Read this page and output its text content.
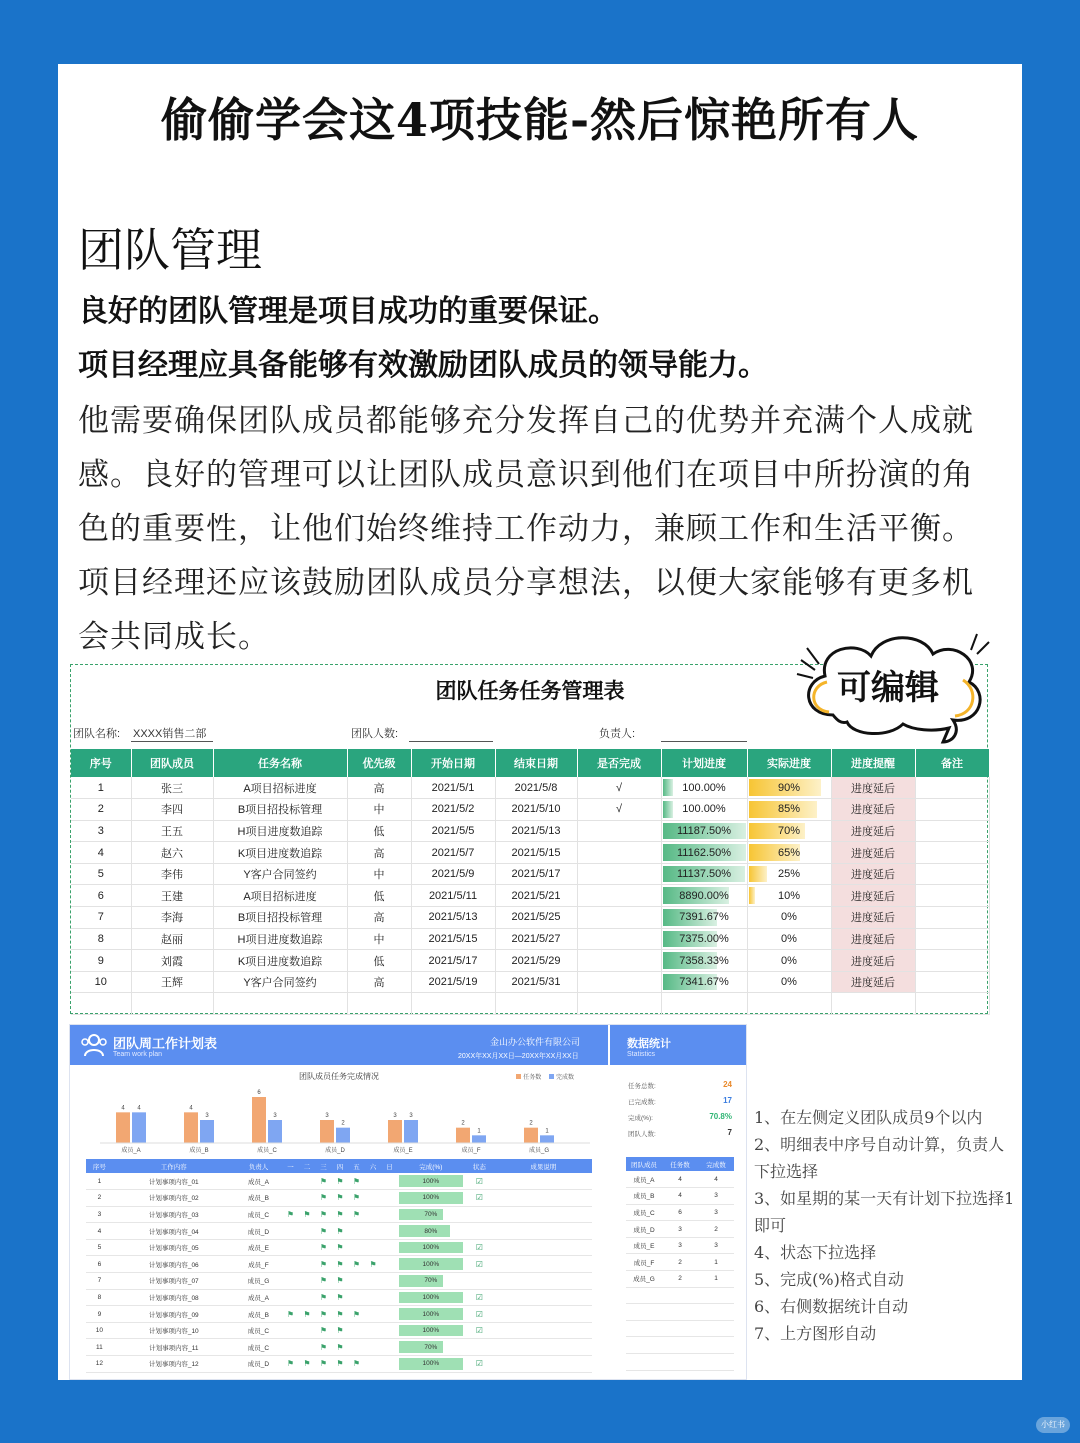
偷偷学会这4项技能-然后惊艳所有人
团队管理
良好的团队管理是项目成功的重要保证。
项目经理应具备能够有效激励团队成员的领导能力。
他需要确保团队成员都能够充分发挥自己的优势并充满个人成就感。良好的管理可以让团队成员意识到他们在项目中所扮演的角色的重要性，让他们始终维持工作动力，兼顾工作和生活平衡。项目经理还应该鼓励团队成员分享想法，以便大家能够有更多机会共同成长。
团队任务任务管理表
团队名称: XXXX销售二部	团队人数:	负责人:
序号	团队成员	任务名称	优先级	开始日期	结束日期	是否完成	计划进度	实际进度	进度提醒	备注
1	张三	A项目招标进度	高	2021/5/1	2021/5/8	√	100.00%	90%	进度延后	
2	李四	B项目招投标管理	中	2021/5/2	2021/5/10	√	100.00%	85%	进度延后	
3	王五	H项目进度数追踪	低	2021/5/5	2021/5/13		11187.50%	70%	进度延后	
4	赵六	K项目进度数追踪	高	2021/5/7	2021/5/15		11162.50%	65%	进度延后	
5	李伟	Y客户合同签约	中	2021/5/9	2021/5/17		11137.50%	25%	进度延后	
6	王建	A项目招标进度	低	2021/5/11	2021/5/21		8890.00%	10%	进度延后	
7	李海	B项目招投标管理	高	2021/5/13	2021/5/25		7391.67%	0%	进度延后	
8	赵丽	H项目进度数追踪	中	2021/5/15	2021/5/27		7375.00%	0%	进度延后	
9	刘霞	K项目进度数追踪	低	2021/5/17	2021/5/29		7358.33%	0%	进度延后	
10	王辉	Y客户合同签约	高	2021/5/19	2021/5/31		7341.67%	0%	进度延后	

可编辑
团队周工作计划表
Team work plan
金山办公软件有限公司
20XX年XX月XX日—20XX年XX月XX日
数据统计
Statistics
团队成员任务完成情况	任务数 完成数
4 4
成员_A
4
3
成员_B
6
3
成员_C
3
2
成员_D
3 3
成员_E
2
1
成员_F
2
1
成员_G
序号	工作内容	负责人	一	二	三	四	五	六	日	完成(%)	状态	成果说明
1	计划事项内容_01	成员_A			⚑	⚑	⚑			100%	☑	
2	计划事项内容_02	成员_B			⚑	⚑	⚑			100%	☑	
3	计划事项内容_03	成员_C	⚑	⚑	⚑	⚑	⚑			70%		
4	计划事项内容_04	成员_D			⚑	⚑				80%		
5	计划事项内容_05	成员_E			⚑	⚑				100%	☑	
6	计划事项内容_06	成员_F			⚑	⚑	⚑	⚑		100%	☑	
7	计划事项内容_07	成员_G			⚑	⚑				70%		
8	计划事项内容_08	成员_A			⚑	⚑				100%	☑	
9	计划事项内容_09	成员_B	⚑	⚑	⚑	⚑	⚑			100%	☑	
10	计划事项内容_10	成员_C			⚑	⚑				100%	☑	
11	计划事项内容_11	成员_C			⚑	⚑				70%		
12	计划事项内容_12	成员_D	⚑	⚑	⚑	⚑	⚑			100%	☑	
团队成员	任务数	完成数
成员_A	4	4
成员_B	4	3
成员_C	6	3
成员_D	3	2
成员_E	3	3
成员_F	2	1
成员_G	2	1

任务总数:	24
已完成数:	17
完成(%):	70.8%
团队人数:	7
1、在左侧定义团队成员9个以内
2、明细表中序号自动计算，负责人下拉选择
3、如星期的某一天有计划下拉选择1即可
4、状态下拉选择
5、完成(%)格式自动
6、右侧数据统计自动
7、上方图形自动
小红书
